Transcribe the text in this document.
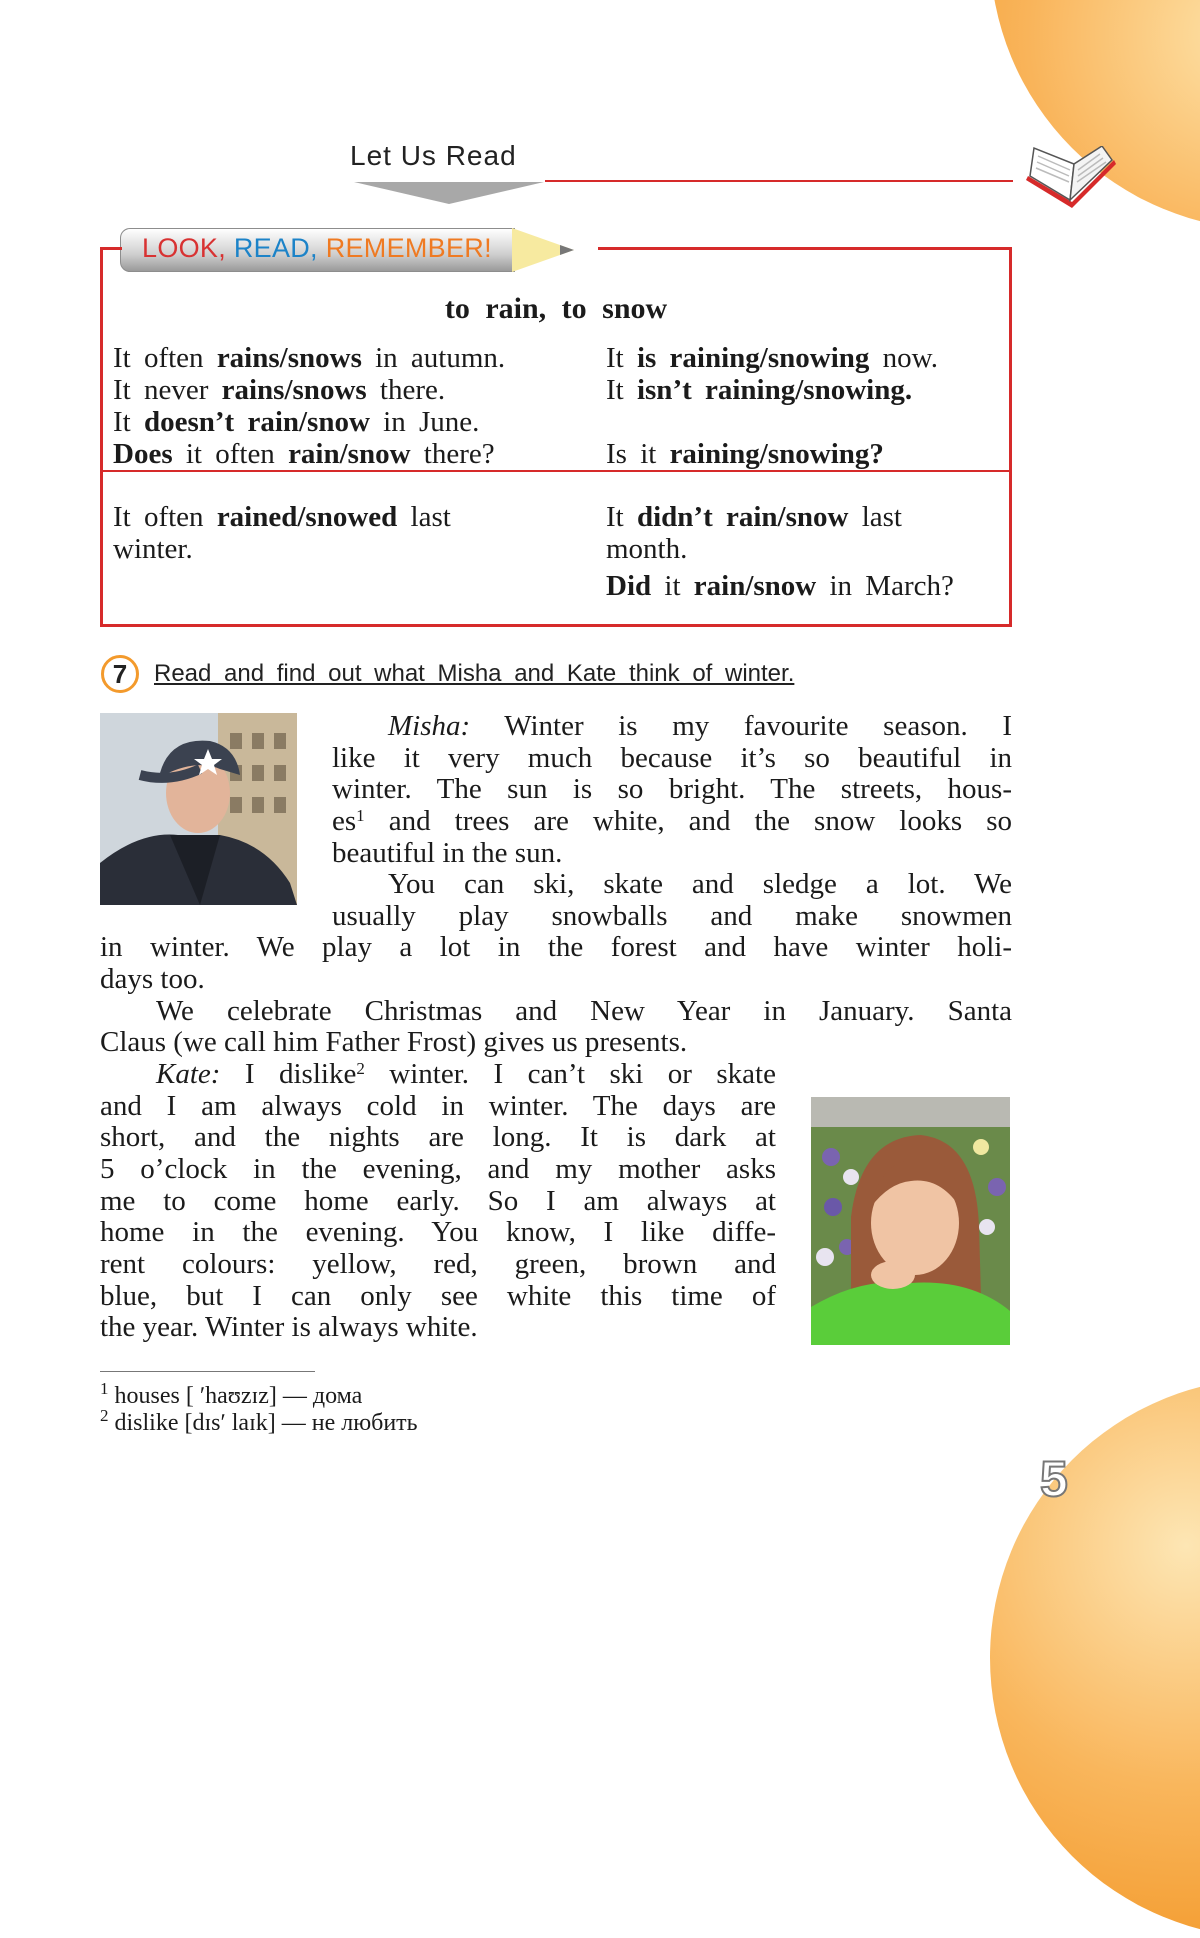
5
Let Us Read
LOOK, READ, REMEMBER!
to rain, to snow
It often rains/snows in autumn.
It never rains/snows there.
It doesn’t rain/snow in June.
Does it often rain/snow there?
It is raining/snowing now.
It isn’t raining/snowing.
Is it raining/snowing?
It often rained/snowed last
winter.
It didn’t rain/snow last
month.
Did it rain/snow in March?
7	Read and find out what Misha and Kate think of winter.
Misha: Winter is my favourite season. I
like it very much because it’s so beautiful in
winter. The sun is so bright. The streets, hous-
$es^1$ and trees are white, and the snow looks so
beautiful in the sun.
You can ski, skate and sledge a lot. We
usually play snowballs and make snowmen
in winter. We play a lot in the forest and have winter holi-
days too.
We celebrate Christmas and New Year in January. Santa
Claus (we call him Father Frost) gives us presents.
Kate: I dislike$^2$ winter. I can’t ski or skate
and I am always cold in winter. The days are
short, and the nights are long. It is dark at
5 o’clock in the evening, and my mother asks
me to come home early. So I am always at
home in the evening. You know, I like diffe-
rent colours: yellow, red, green, brown and
blue, but I can only see white this time of
the year. Winter is always white.
$^1$ houses [ ʹhaʊzɪz] — дома
$^2$ dislike [dɪsʹ laɪk] — не любить
